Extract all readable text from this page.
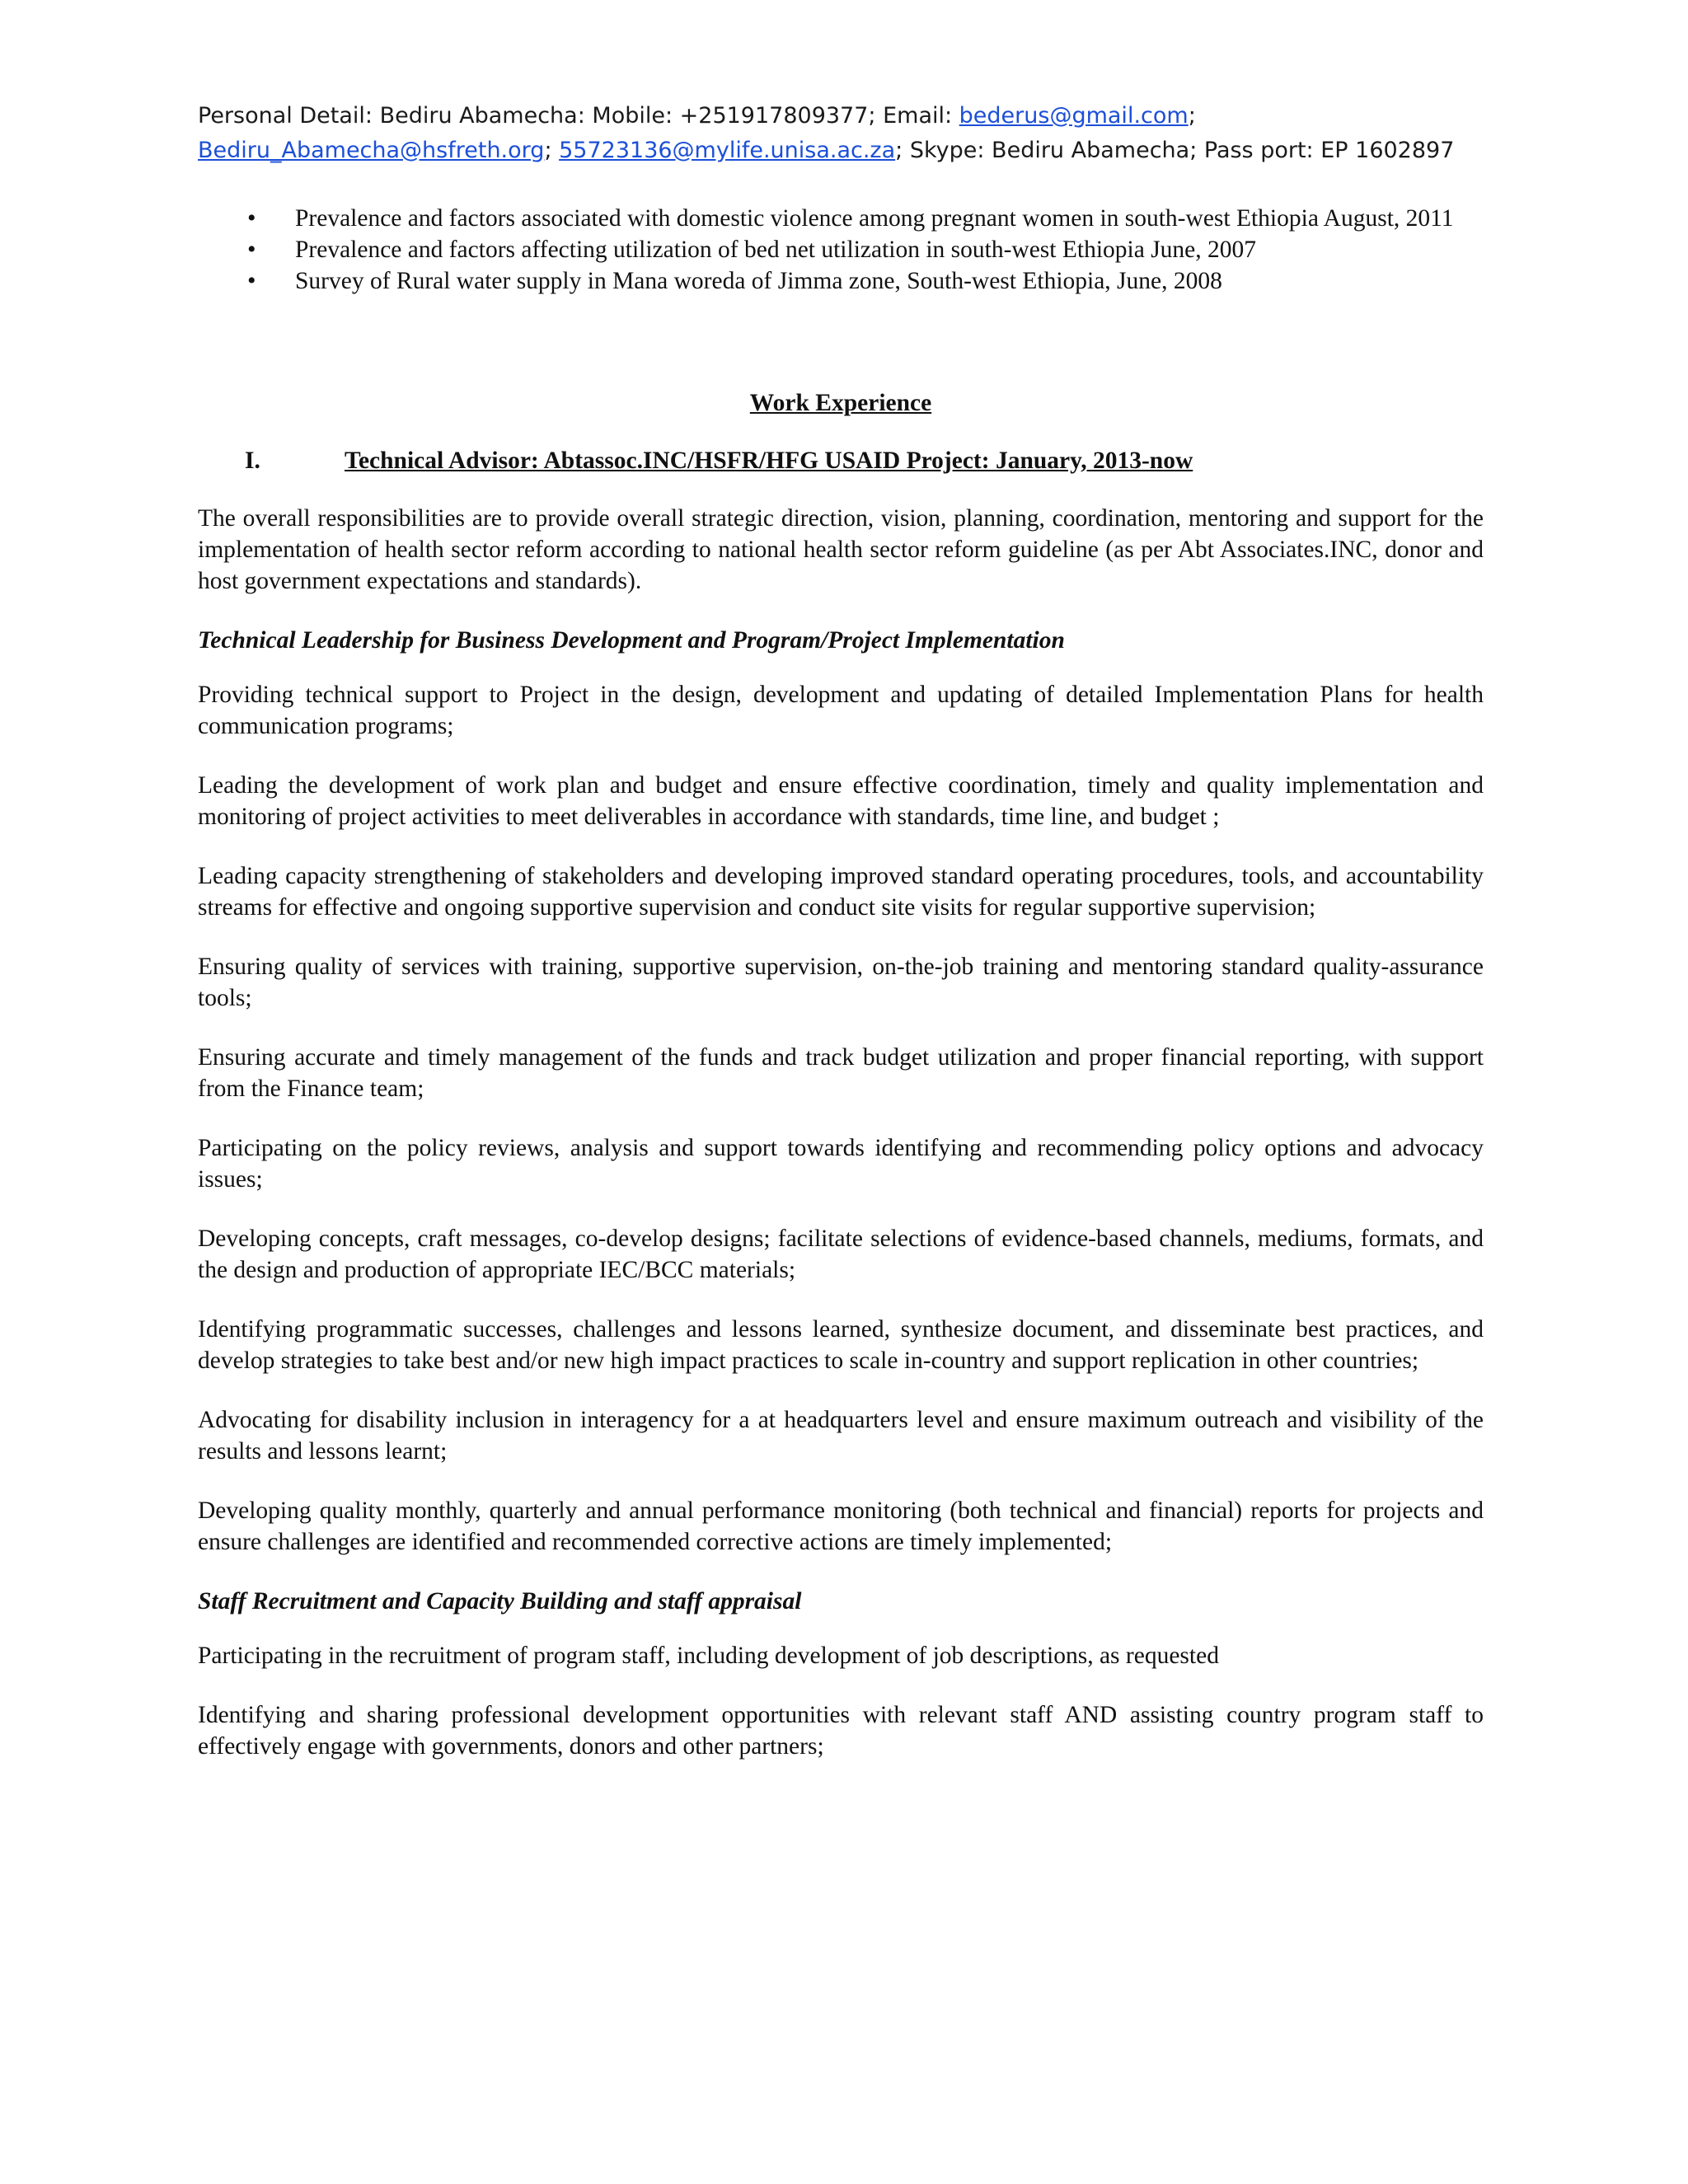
Personal Detail: Bediru Abamecha: Mobile: +251917809377; Email: bederus@gmail.com;
Bediru_Abamecha@hsfreth.org; 55723136@mylife.unisa.ac.za; Skype: Bediru Abamecha; Pass port: EP 1602897
• Prevalence and factors associated with domestic violence among pregnant women in south-west Ethiopia August, 2011
• Prevalence and factors affecting utilization of bed net utilization in south-west Ethiopia June, 2007
• Survey of Rural water supply in Mana woreda of Jimma zone, South-west Ethiopia, June, 2008
Work Experience
I.	Technical Advisor: Abtassoc.INC/HSFR/HFG USAID Project: January, 2013-now

The overall responsibilities are to provide overall strategic direction, vision, planning, coordination, mentoring and support for the implementation of health sector reform according to national health sector reform guideline (as per Abt Associates.INC, donor and host government expectations and standards).

Technical Leadership for Business Development and Program/Project Implementation

Providing technical support to Project in the design, development and updating of detailed Implementation Plans for health communication programs;

Leading the development of work plan and budget and ensure effective coordination, timely and quality implementation and monitoring of project activities to meet deliverables in accordance with standards, time line, and budget ;

Leading capacity strengthening of stakeholders and developing improved standard operating procedures, tools, and accountability streams for effective and ongoing supportive supervision and conduct site visits for regular supportive supervision;

Ensuring quality of services with training, supportive supervision, on-the-job training and mentoring standard quality-assurance tools;

Ensuring accurate and timely management of the funds and track budget utilization and proper financial reporting, with support from the Finance team;

Participating on the policy reviews, analysis and support towards identifying and recommending policy options and advocacy issues;

Developing concepts, craft messages, co-develop designs; facilitate selections of evidence-based channels, mediums, formats, and the design and production of appropriate IEC/BCC materials;

Identifying programmatic successes, challenges and lessons learned, synthesize document, and disseminate best practices, and develop strategies to take best and/or new high impact practices to scale in-country and support replication in other countries;

Advocating for disability inclusion in interagency for a at headquarters level and ensure maximum outreach and visibility of the results and lessons learnt;

Developing quality monthly, quarterly and annual performance monitoring (both technical and financial) reports for projects and ensure challenges are identified and recommended corrective actions are timely implemented;

Staff Recruitment and Capacity Building and staff appraisal

Participating in the recruitment of program staff, including development of job descriptions, as requested

Identifying and sharing professional development opportunities with relevant staff AND assisting country program staff to effectively engage with governments, donors and other partners;
